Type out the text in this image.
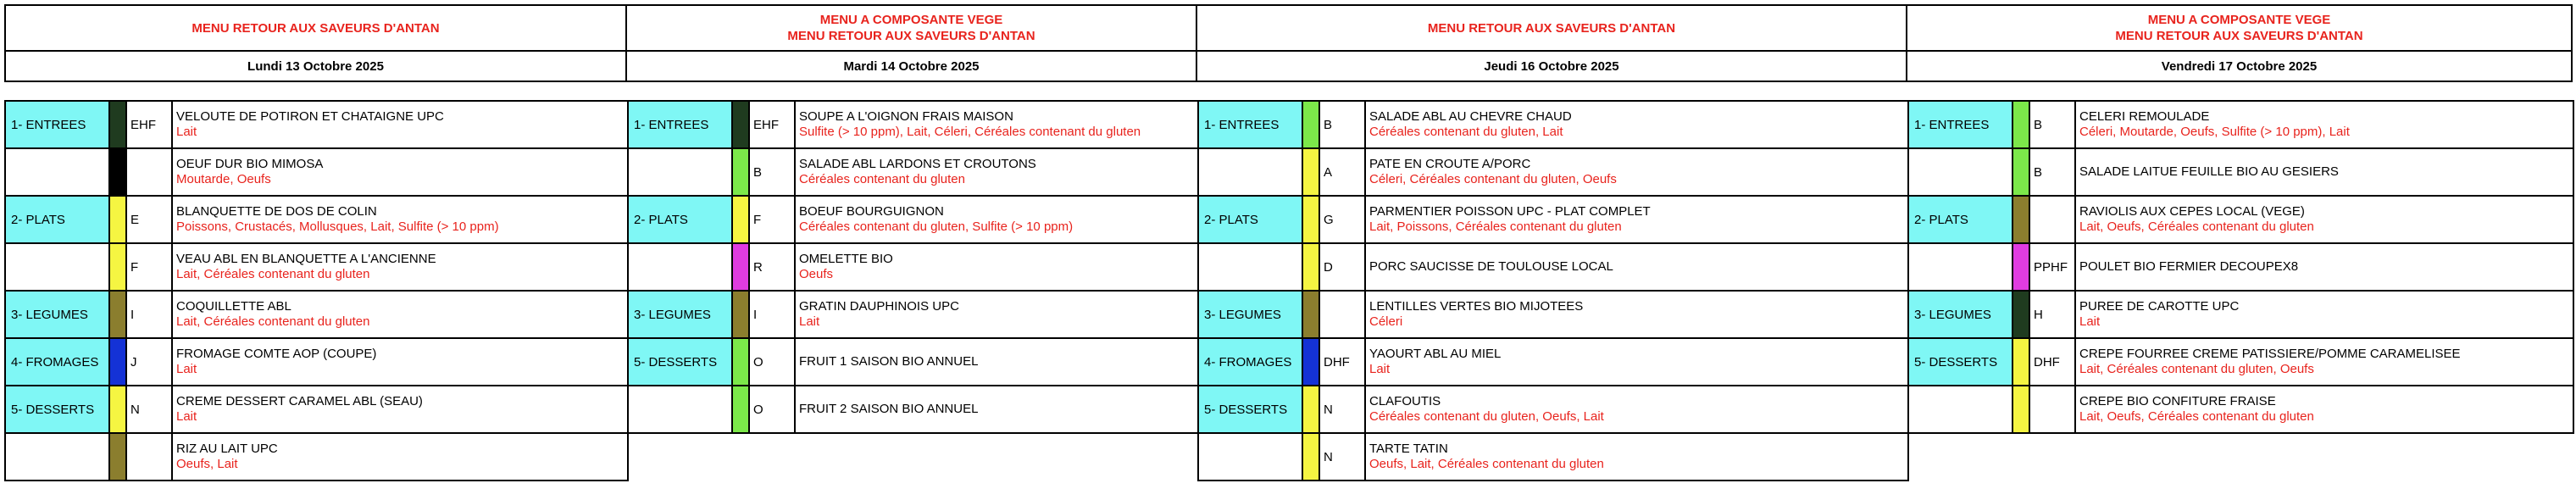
MENU RETOUR AUX SAVEURS D'ANTAN
Lundi 13 Octobre 2025
1- ENTREES		EHF	VELOUTE DE POTIRON ET CHATAIGNE UPC
Lait

			OEUF DUR BIO MIMOSA
Moutarde, Oeufs

2- PLATS		E	BLANQUETTE DE DOS DE COLIN
Poissons, Crustacés, Mollusques, Lait, Sulfite (> 10 ppm)

		F	VEAU ABL EN BLANQUETTE A L'ANCIENNE
Lait, Céréales contenant du gluten

3- LEGUMES		I	COQUILLETTE ABL
Lait, Céréales contenant du gluten

4- FROMAGES		J	FROMAGE COMTE AOP (COUPE)
Lait

5- DESSERTS		N	CREME DESSERT CARAMEL ABL (SEAU)
Lait

			RIZ AU LAIT UPC
Oeufs, Lait
MENU A COMPOSANTE VEGE
MENU RETOUR AUX SAVEURS D'ANTAN
Mardi 14 Octobre 2025
1- ENTREES		EHF	SOUPE A L'OIGNON FRAIS MAISON
Sulfite (> 10 ppm), Lait, Céleri, Céréales contenant du gluten

		B	SALADE ABL LARDONS ET CROUTONS
Céréales contenant du gluten

2- PLATS		F	BOEUF BOURGUIGNON
Céréales contenant du gluten, Sulfite (> 10 ppm)

		R	OMELETTE BIO
Oeufs

3- LEGUMES		I	GRATIN DAUPHINOIS UPC
Lait

5- DESSERTS		O	FRUIT 1 SAISON BIO ANNUEL

		O	FRUIT 2 SAISON BIO ANNUEL
MENU RETOUR AUX SAVEURS D'ANTAN
Jeudi 16 Octobre 2025
1- ENTREES		B	SALADE ABL AU CHEVRE CHAUD
Céréales contenant du gluten, Lait

		A	PATE EN CROUTE A/PORC
Céleri, Céréales contenant du gluten, Oeufs

2- PLATS		G	PARMENTIER POISSON UPC - PLAT COMPLET
Lait, Poissons, Céréales contenant du gluten

		D	PORC SAUCISSE DE TOULOUSE LOCAL

3- LEGUMES			LENTILLES VERTES BIO MIJOTEES
Céleri

4- FROMAGES		DHF	YAOURT ABL AU MIEL
Lait

5- DESSERTS		N	CLAFOUTIS
Céréales contenant du gluten, Oeufs, Lait

		N	TARTE TATIN
Oeufs, Lait, Céréales contenant du gluten
MENU A COMPOSANTE VEGE
MENU RETOUR AUX SAVEURS D'ANTAN
Vendredi 17 Octobre 2025
1- ENTREES		B	CELERI REMOULADE
Céleri, Moutarde, Oeufs, Sulfite (> 10 ppm), Lait

		B	SALADE LAITUE FEUILLE BIO AU GESIERS

2- PLATS			RAVIOLIS AUX CEPES LOCAL (VEGE)
Lait, Oeufs, Céréales contenant du gluten

		PPHF	POULET BIO FERMIER DECOUPEX8

3- LEGUMES		H	PUREE DE CAROTTE UPC
Lait

5- DESSERTS		DHF	CREPE FOURREE CREME PATISSIERE/POMME CARAMELISEE
Lait, Céréales contenant du gluten, Oeufs

			CREPE BIO CONFITURE FRAISE
Lait, Oeufs, Céréales contenant du gluten
